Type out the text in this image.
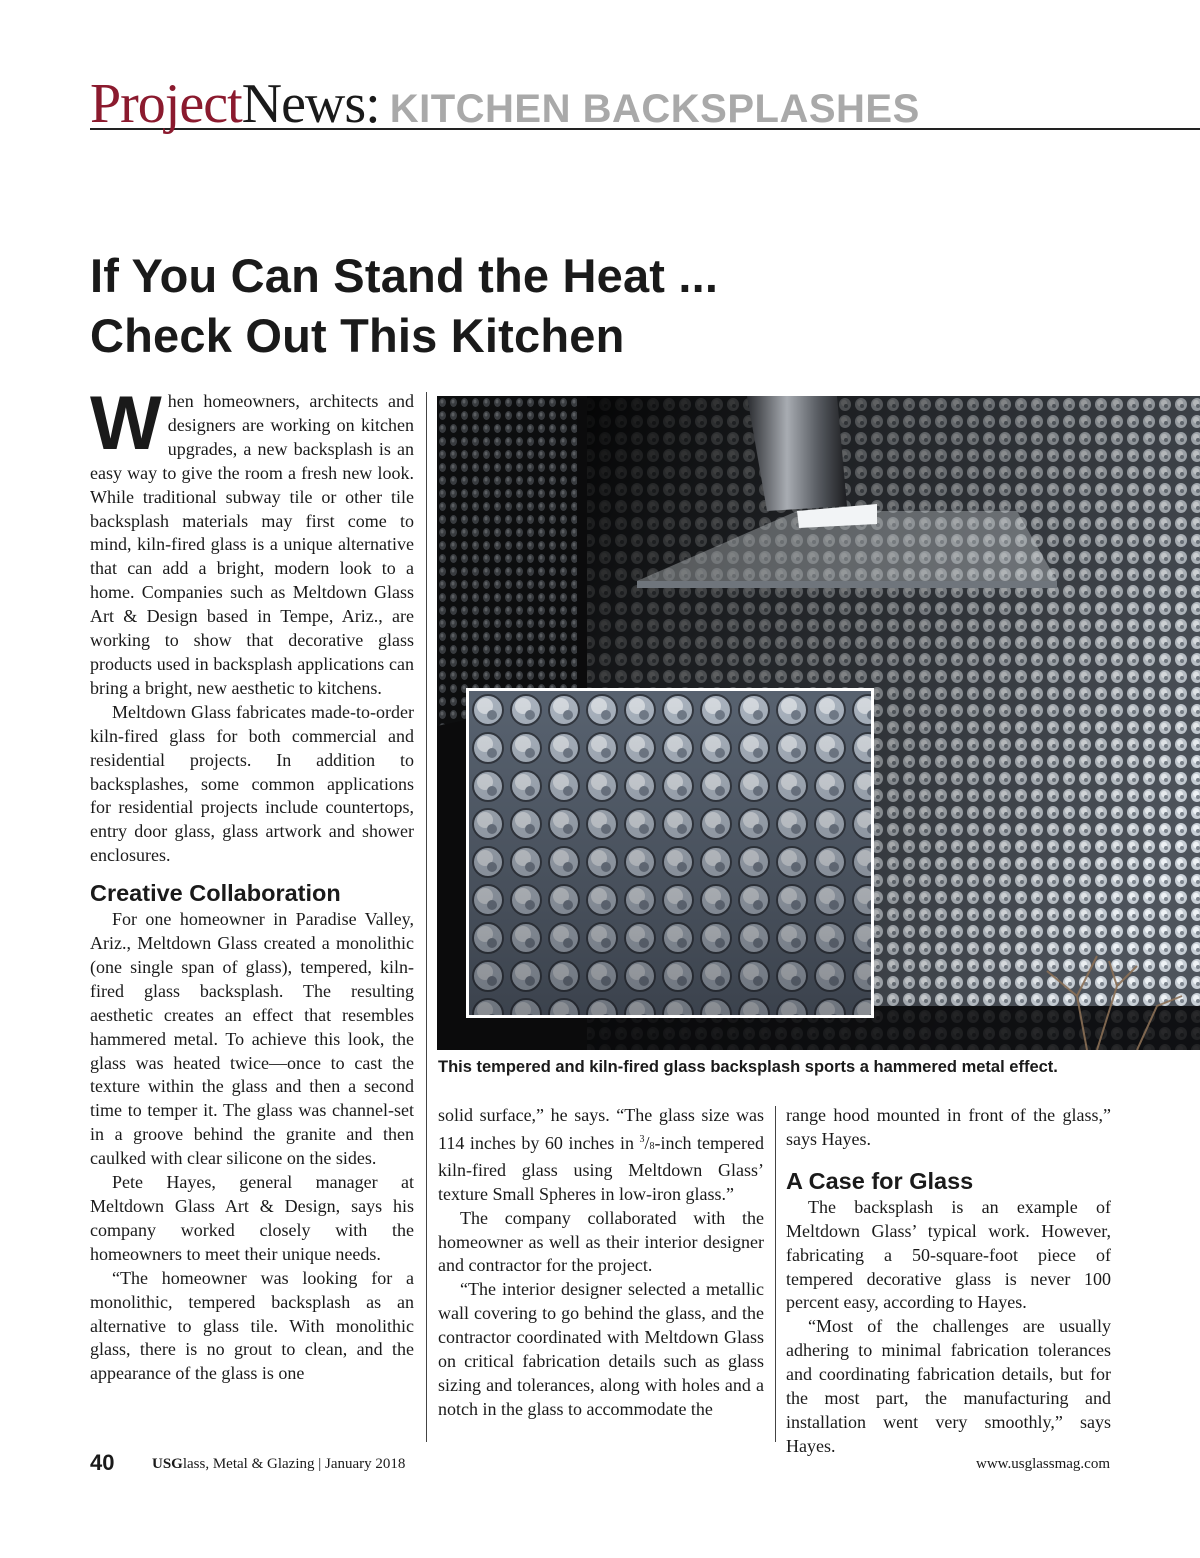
ProjectNews: KITCHEN BACKSPLASHES
If You Can Stand the Heat ...
Check Out This Kitchen
This tempered and kiln-fired glass backsplash sports a hammered metal effect.

When homeowners, architects and designers are working on kitchen upgrades, a new backsplash is an easy way to give the room a fresh new look. While traditional subway tile or other tile backsplash materials may first come to mind, kiln-fired glass is a unique alternative that can add a bright, modern look to a home. Companies such as Meltdown Glass Art & Design based in Tempe, Ariz., are working to show that decorative glass products used in backsplash applications can bring a bright, new aesthetic to kitchens.

Meltdown Glass fabricates made-to-order kiln-fired glass for both commercial and residential projects. In addition to backsplashes, some common applications for residential projects include countertops, entry door glass, glass artwork and shower enclosures.

Creative Collaboration

For one homeowner in Paradise Valley, Ariz., Meltdown Glass created a monolithic (one single span of glass), tempered, kiln-fired glass backsplash. The resulting aesthetic creates an effect that resembles hammered metal. To achieve this look, the glass was heated twice—once to cast the texture within the glass and then a second time to temper it. The glass was channel-set in a groove behind the granite and then caulked with clear silicone on the sides.

Pete Hayes, general manager at Meltdown Glass Art & Design, says his company worked closely with the homeowners to meet their unique needs.

“The homeowner was looking for a monolithic, tempered backsplash as an alternative to glass tile. With monolithic glass, there is no grout to clean, and the appearance of the glass is one

solid surface,” he says. “The glass size was 114 inches by 60 inches in $^3$/8-inch tempered kiln-fired glass using Meltdown Glass’ texture Small Spheres in low-iron glass.”

The company collaborated with the homeowner as well as their interior designer and contractor for the project.

“The interior designer selected a metallic wall covering to go behind the glass, and the contractor coordinated with Meltdown Glass on critical fabrication details such as glass sizing and tolerances, along with holes and a notch in the glass to accommodate the

range hood mounted in front of the glass,” says Hayes.

A Case for Glass

The backsplash is an example of Meltdown Glass’ typical work. However, fabricating a 50-square-foot piece of tempered decorative glass is never 100 percent easy, according to Hayes.

“Most of the challenges are usually adhering to minimal fabrication tolerances and coordinating fabrication details, but for the most part, the manufacturing and installation went very smoothly,” says Hayes.

40	USGlass, Metal & Glazing | January 2018	www.usglassmag.com
